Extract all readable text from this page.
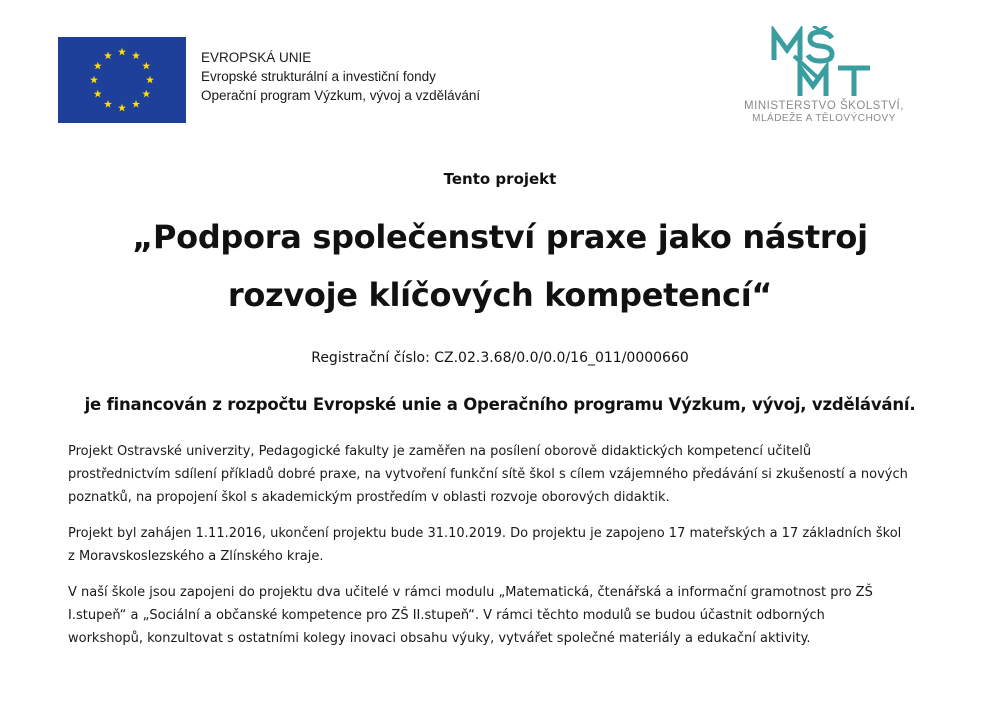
EVROPSKÁ UNIE
Evropské strukturální a investiční fondy
Operační program Výzkum, vývoj a vzdělávání
MINISTERSTVO ŠKOLSTVÍ,
MLÁDEŽE A TĚLOVÝCHOVY
Tento projekt
„Podpora společenství praxe jako nástroj
rozvoje klíčových kompetencí“
Registrační číslo: CZ.02.3.68/0.0/0.0/16_011/0000660
je financován z rozpočtu Evropské unie a Operačního programu Výzkum, vývoj, vzdělávání.
Projekt Ostravské univerzity, Pedagogické fakulty je zaměřen na posílení oborově didaktických kompetencí učitelů
prostřednictvím sdílení příkladů dobré praxe, na vytvoření funkční sítě škol s cílem vzájemného předávání si zkušeností a nových
poznatků, na propojení škol s akademickým prostředím v oblasti rozvoje oborových didaktik.
Projekt byl zahájen 1.11.2016, ukončení projektu bude 31.10.2019. Do projektu je zapojeno 17 mateřských a 17 základních škol
z Moravskoslezského a Zlínského kraje.
V naší škole jsou zapojeni do projektu dva učitelé v rámci modulu „Matematická, čtenářská a informační gramotnost pro ZŠ
I.stupeň“ a „Sociální a občanské kompetence pro ZŠ II.stupeň“. V rámci těchto modulů se budou účastnit odborných
workshopů, konzultovat s ostatními kolegy inovaci obsahu výuky, vytvářet společné materiály a edukační aktivity.
